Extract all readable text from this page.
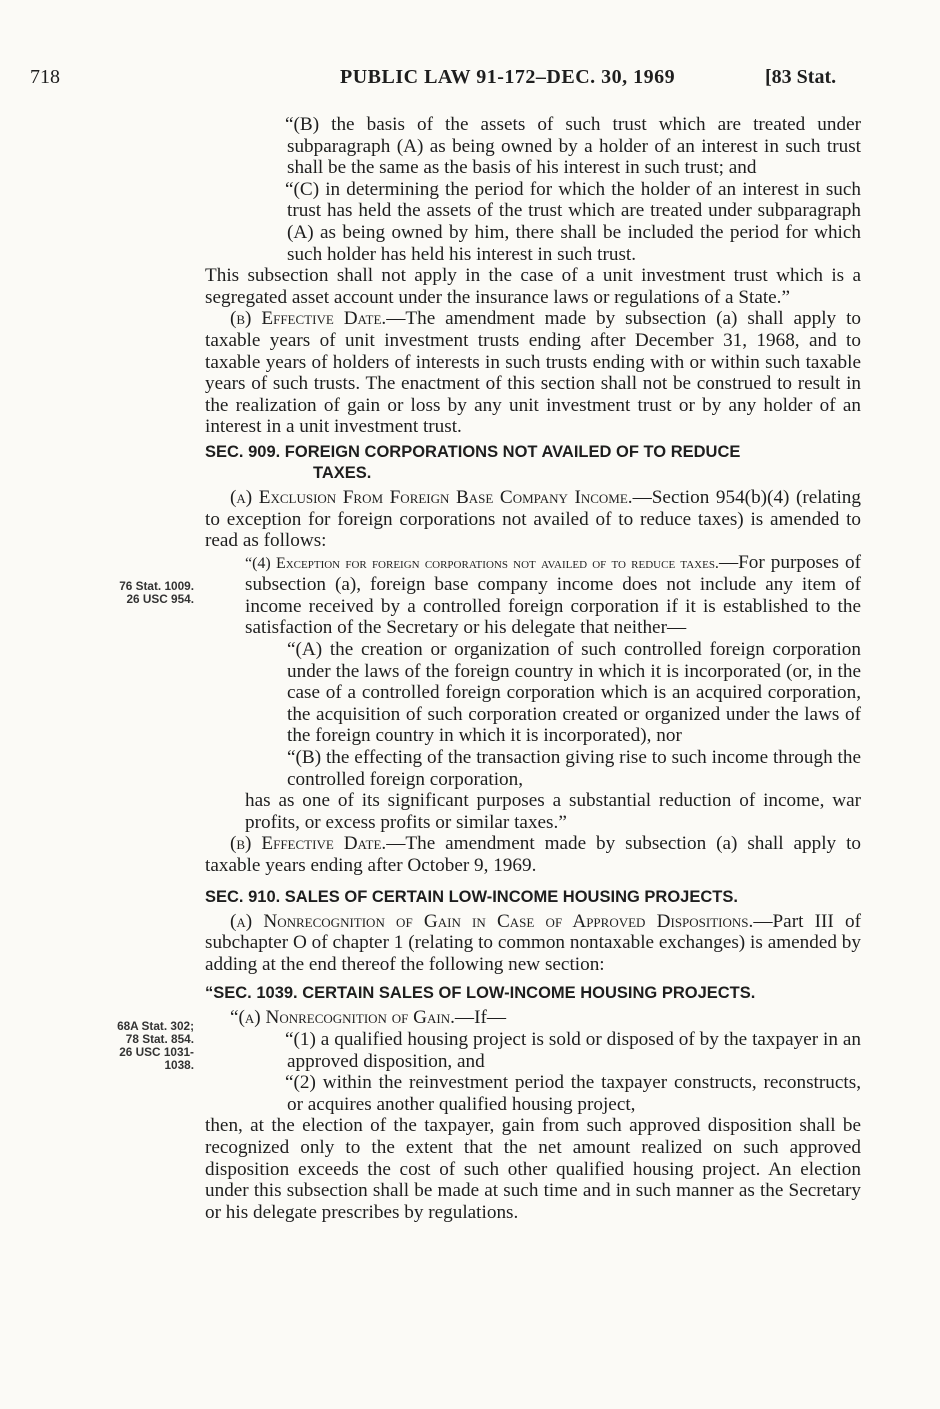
718	PUBLIC LAW 91-172–DEC. 30, 1969	[83 Stat.
76 Stat. 1009.
26 USC 954.
68A Stat. 302;
78 Stat. 854.
26 USC 1031-
1038.

“(B) the basis of the assets of such trust which are treated under subparagraph (A) as being owned by a holder of an interest in such trust shall be the same as the basis of his interest in such trust; and

“(C) in determining the period for which the holder of an interest in such trust has held the assets of the trust which are treated under subparagraph (A) as being owned by him, there shall be included the period for which such holder has held his interest in such trust.

This subsection shall not apply in the case of a unit investment trust which is a segregated asset account under the insurance laws or regulations of a State.”

(b) Effective Date.—The amendment made by subsection (a) shall apply to taxable years of unit investment trusts ending after December 31, 1968, and to taxable years of holders of interests in such trusts ending with or within such taxable years of such trusts. The enactment of this section shall not be construed to result in the realization of gain or loss by any unit investment trust or by any holder of an interest in a unit investment trust.

SEC. 909. FOREIGN CORPORATIONS NOT AVAILED OF TO REDUCE
TAXES.

(a) Exclusion From Foreign Base Company Income.—Section 954(b)(4) (relating to exception for foreign corporations not availed of to reduce taxes) is amended to read as follows:

“(4) Exception for foreign corporations not availed of to reduce taxes.—For purposes of subsection (a), foreign base company income does not include any item of income received by a controlled foreign corporation if it is established to the satisfaction of the Secretary or his delegate that neither—

“(A) the creation or organization of such controlled foreign corporation under the laws of the foreign country in which it is incorporated (or, in the case of a controlled foreign corporation which is an acquired corporation, the acquisition of such corporation created or organized under the laws of the foreign country in which it is incorporated), nor

“(B) the effecting of the transaction giving rise to such income through the controlled foreign corporation,

has as one of its significant purposes a substantial reduction of income, war profits, or excess profits or similar taxes.”

(b) Effective Date.—The amendment made by subsection (a) shall apply to taxable years ending after October 9, 1969.

SEC. 910. SALES OF CERTAIN LOW-INCOME HOUSING PROJECTS.

(a) Nonrecognition of Gain in Case of Approved Dispositions.—Part III of subchapter O of chapter 1 (relating to common nontaxable exchanges) is amended by adding at the end thereof the following new section:

“SEC. 1039. CERTAIN SALES OF LOW-INCOME HOUSING PROJECTS.

“(a) Nonrecognition of Gain.—If—

“(1) a qualified housing project is sold or disposed of by the taxpayer in an approved disposition, and

“(2) within the reinvestment period the taxpayer constructs, reconstructs, or acquires another qualified housing project,

then, at the election of the taxpayer, gain from such approved disposition shall be recognized only to the extent that the net amount realized on such approved disposition exceeds the cost of such other qualified housing project. An election under this subsection shall be made at such time and in such manner as the Secretary or his delegate prescribes by regulations.
